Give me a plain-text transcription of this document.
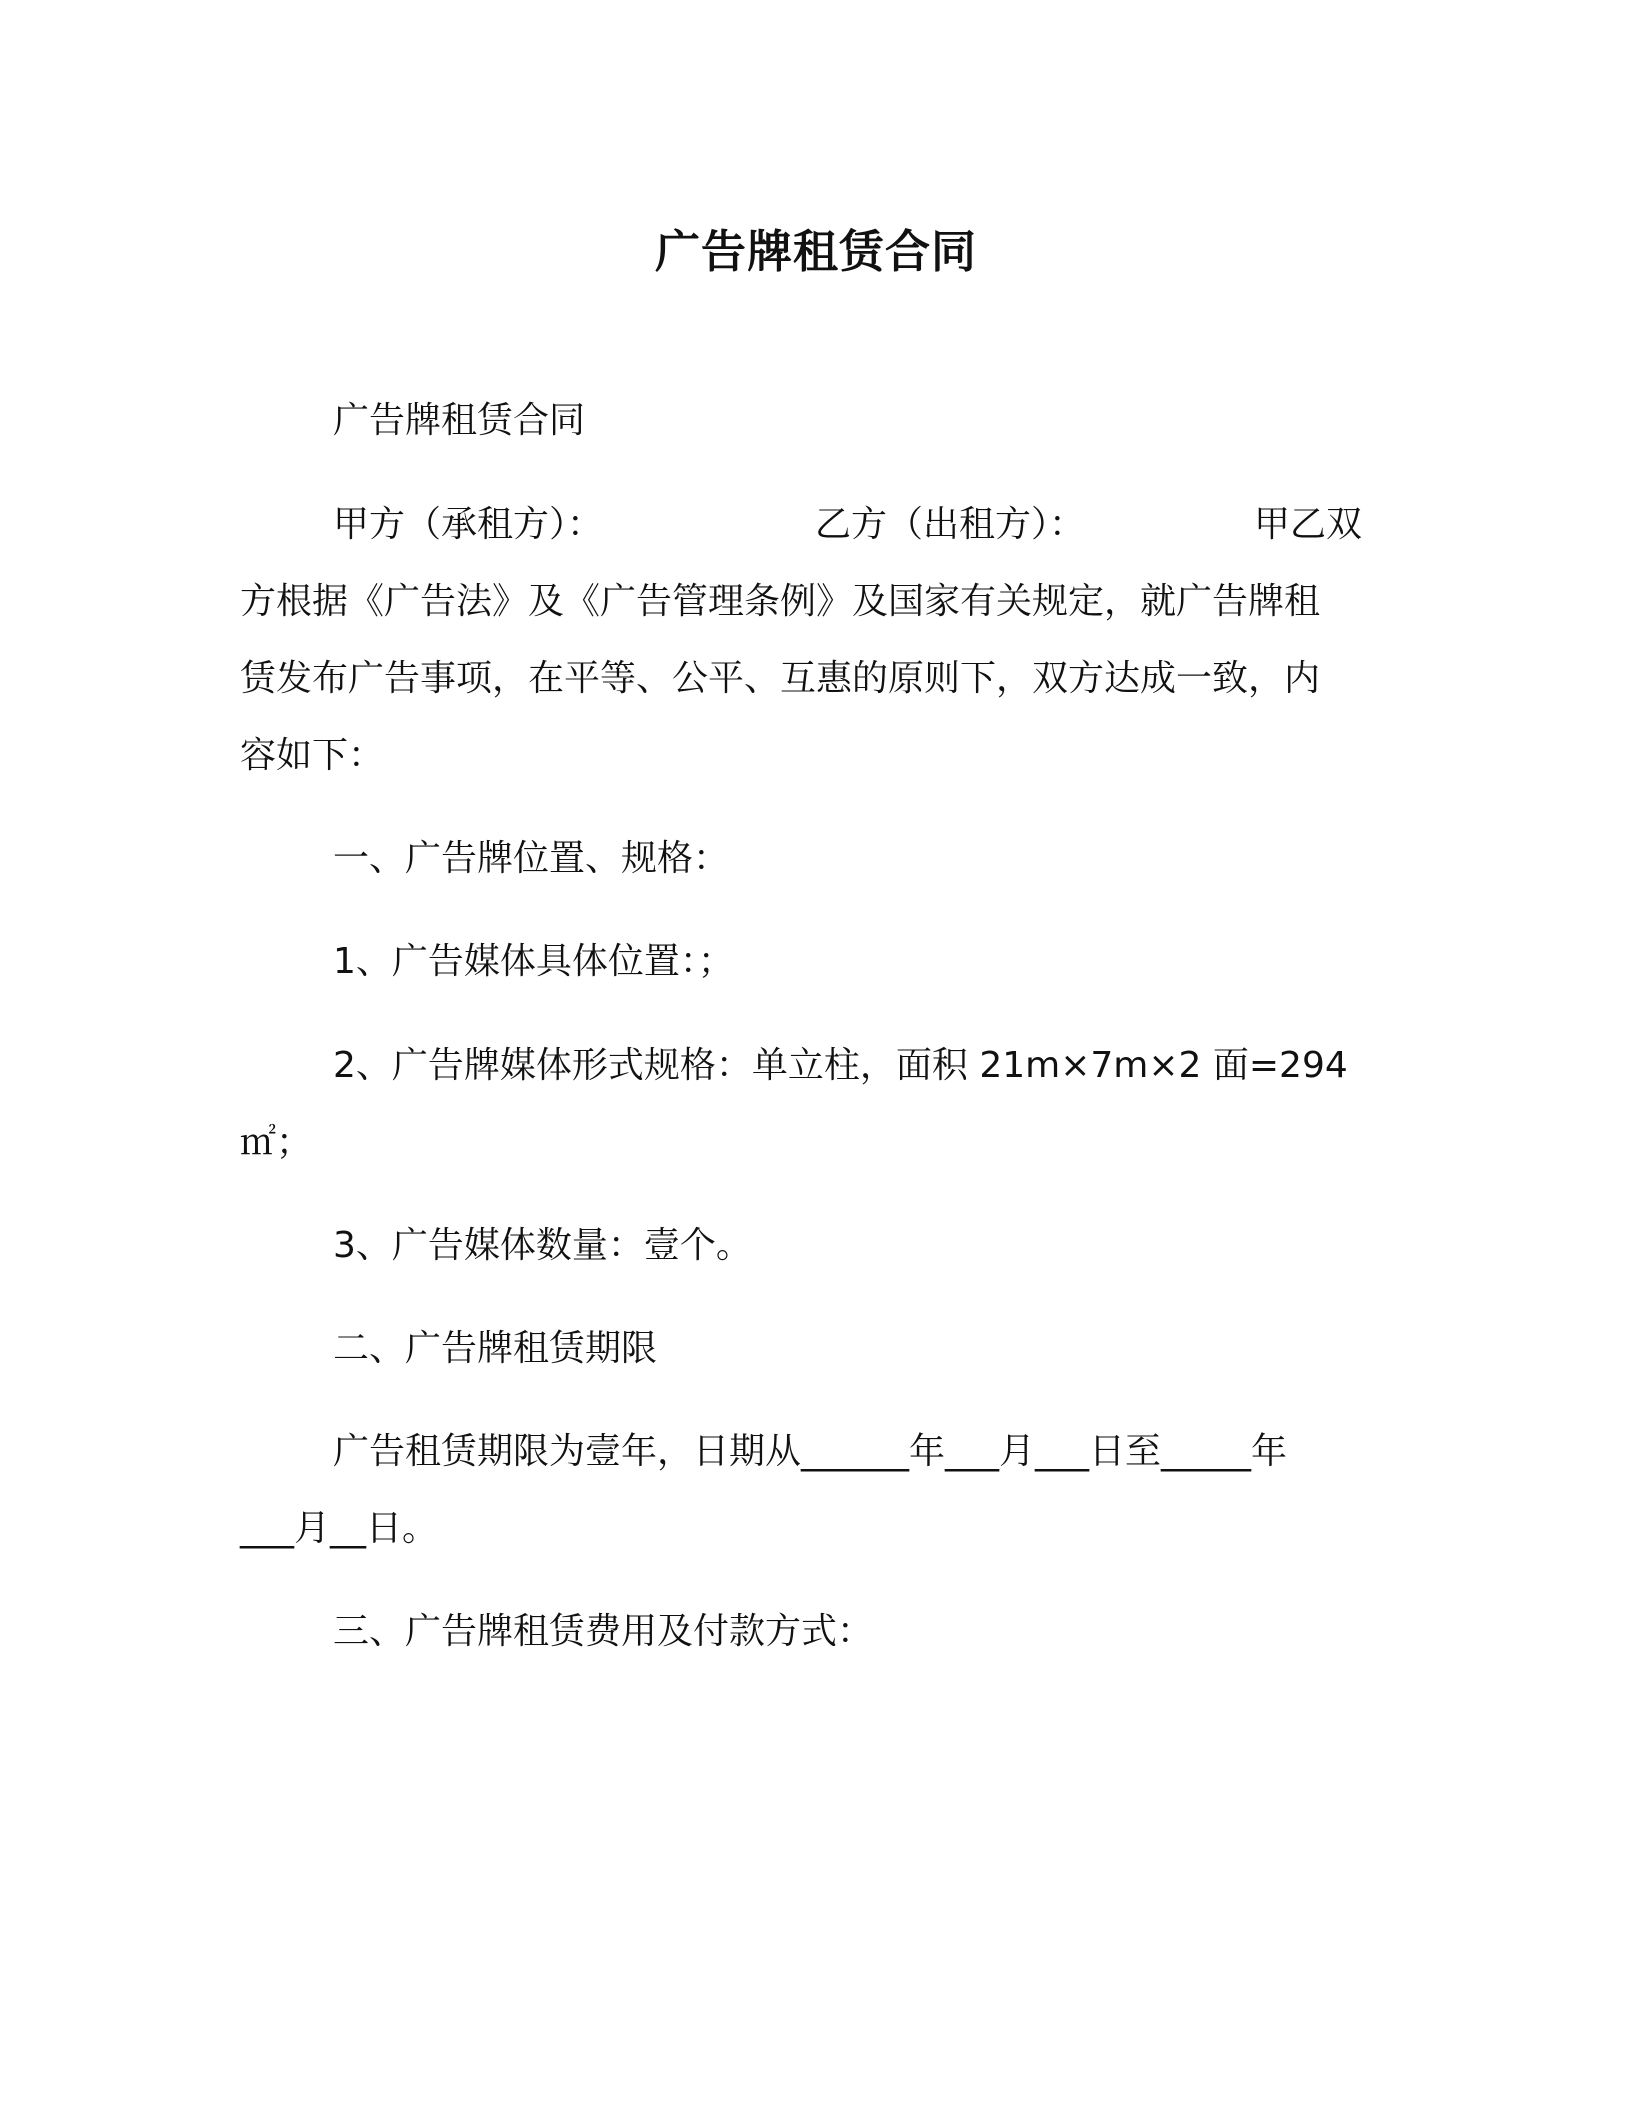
广告牌租赁合同
广告牌租赁合同
甲方（承租方）：	乙方（出租方）：	甲乙双
方根据《广告法》及《广告管理条例》及国家有关规定，就广告牌租
赁发布广告事项，在平等、公平、互惠的原则下，双方达成一致，内
容如下：
一、广告牌位置、规格：
1、广告媒体具体位置：；
2、广告牌媒体形式规格：单立柱，面积 21m×7m×2 面=294
㎡；
3、广告媒体数量：壹个。
二、广告牌租赁期限
广告租赁期限为壹年，日期从______年___月___日至_____年
___月__日。
三、广告牌租赁费用及付款方式：
